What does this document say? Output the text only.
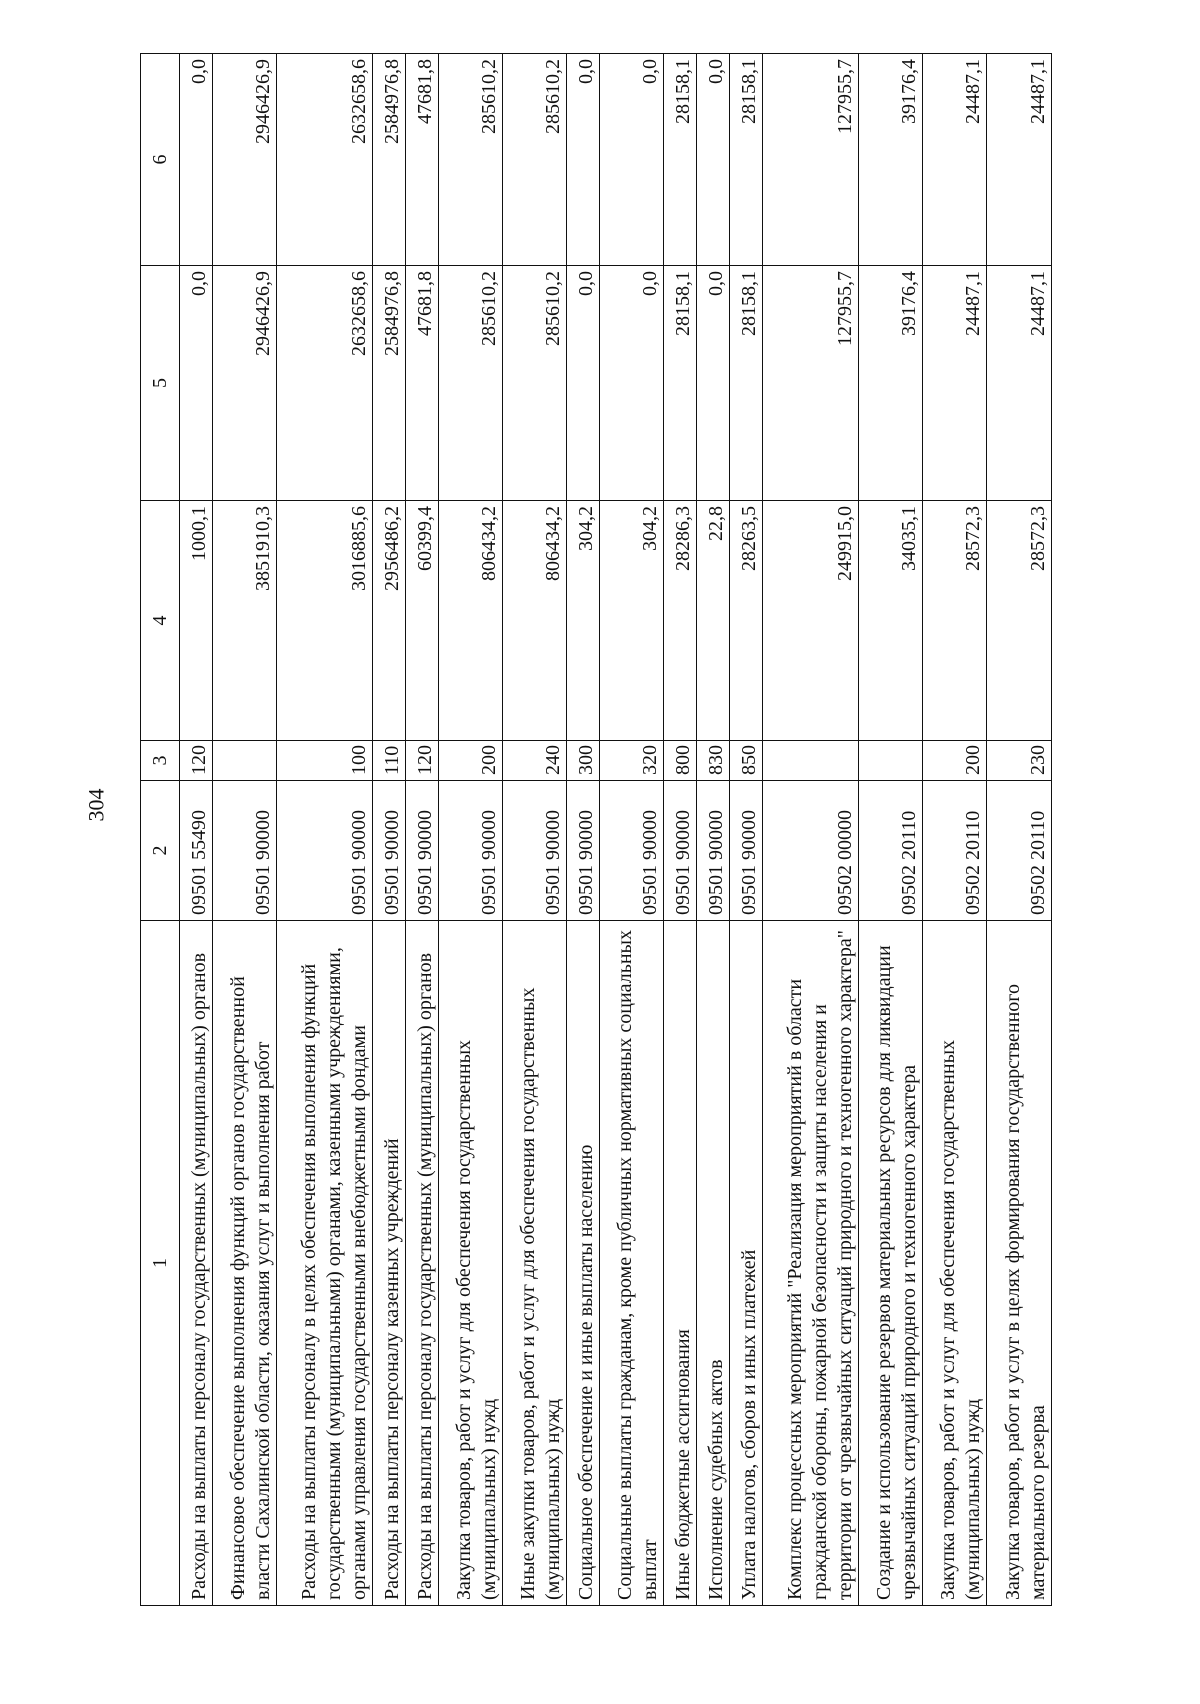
304
1	2	3	4	5	6
Расходы на выплаты персоналу государственных (муниципальных) органов	09501 55490	120	1000,1	0,0	0,0
Финансовое обеспечение выполнения функций органов государственной власти Сахалинской области, оказания услуг и выполнения работ	09501 90000		3851910,3	2946426,9	2946426,9
Расходы на выплаты персоналу в целях обеспечения выполнения функций государственными (муниципальными) органами, казенными учреждениями, органами управления государственными внебюджетными фондами	09501 90000	100	3016885,6	2632658,6	2632658,6
Расходы на выплаты персоналу казенных учреждений	09501 90000	110	2956486,2	2584976,8	2584976,8
Расходы на выплаты персоналу государственных (муниципальных) органов	09501 90000	120	60399,4	47681,8	47681,8
Закупка товаров, работ и услуг для обеспечения государственных (муниципальных) нужд	09501 90000	200	806434,2	285610,2	285610,2
Иные закупки товаров, работ и услуг для обеспечения государственных (муниципальных) нужд	09501 90000	240	806434,2	285610,2	285610,2
Социальное обеспечение и иные выплаты населению	09501 90000	300	304,2	0,0	0,0
Социальные выплаты гражданам, кроме публичных нормативных социальных выплат	09501 90000	320	304,2	0,0	0,0
Иные бюджетные ассигнования	09501 90000	800	28286,3	28158,1	28158,1
Исполнение судебных актов	09501 90000	830	22,8	0,0	0,0
Уплата налогов, сборов и иных платежей	09501 90000	850	28263,5	28158,1	28158,1
Комплекс процессных мероприятий "Реализация мероприятий в области гражданской обороны, пожарной безопасности и защиты населения и территории от чрезвычайных ситуаций природного и техногенного характера"	09502 00000		249915,0	127955,7	127955,7
Создание и использование резервов материальных ресурсов для ликвидации чрезвычайных ситуаций природного и техногенного характера	09502 20110		34035,1	39176,4	39176,4
Закупка товаров, работ и услуг для обеспечения государственных (муниципальных) нужд	09502 20110	200	28572,3	24487,1	24487,1
Закупка товаров, работ и услуг в целях формирования государственного материального резерва	09502 20110	230	28572,3	24487,1	24487,1
